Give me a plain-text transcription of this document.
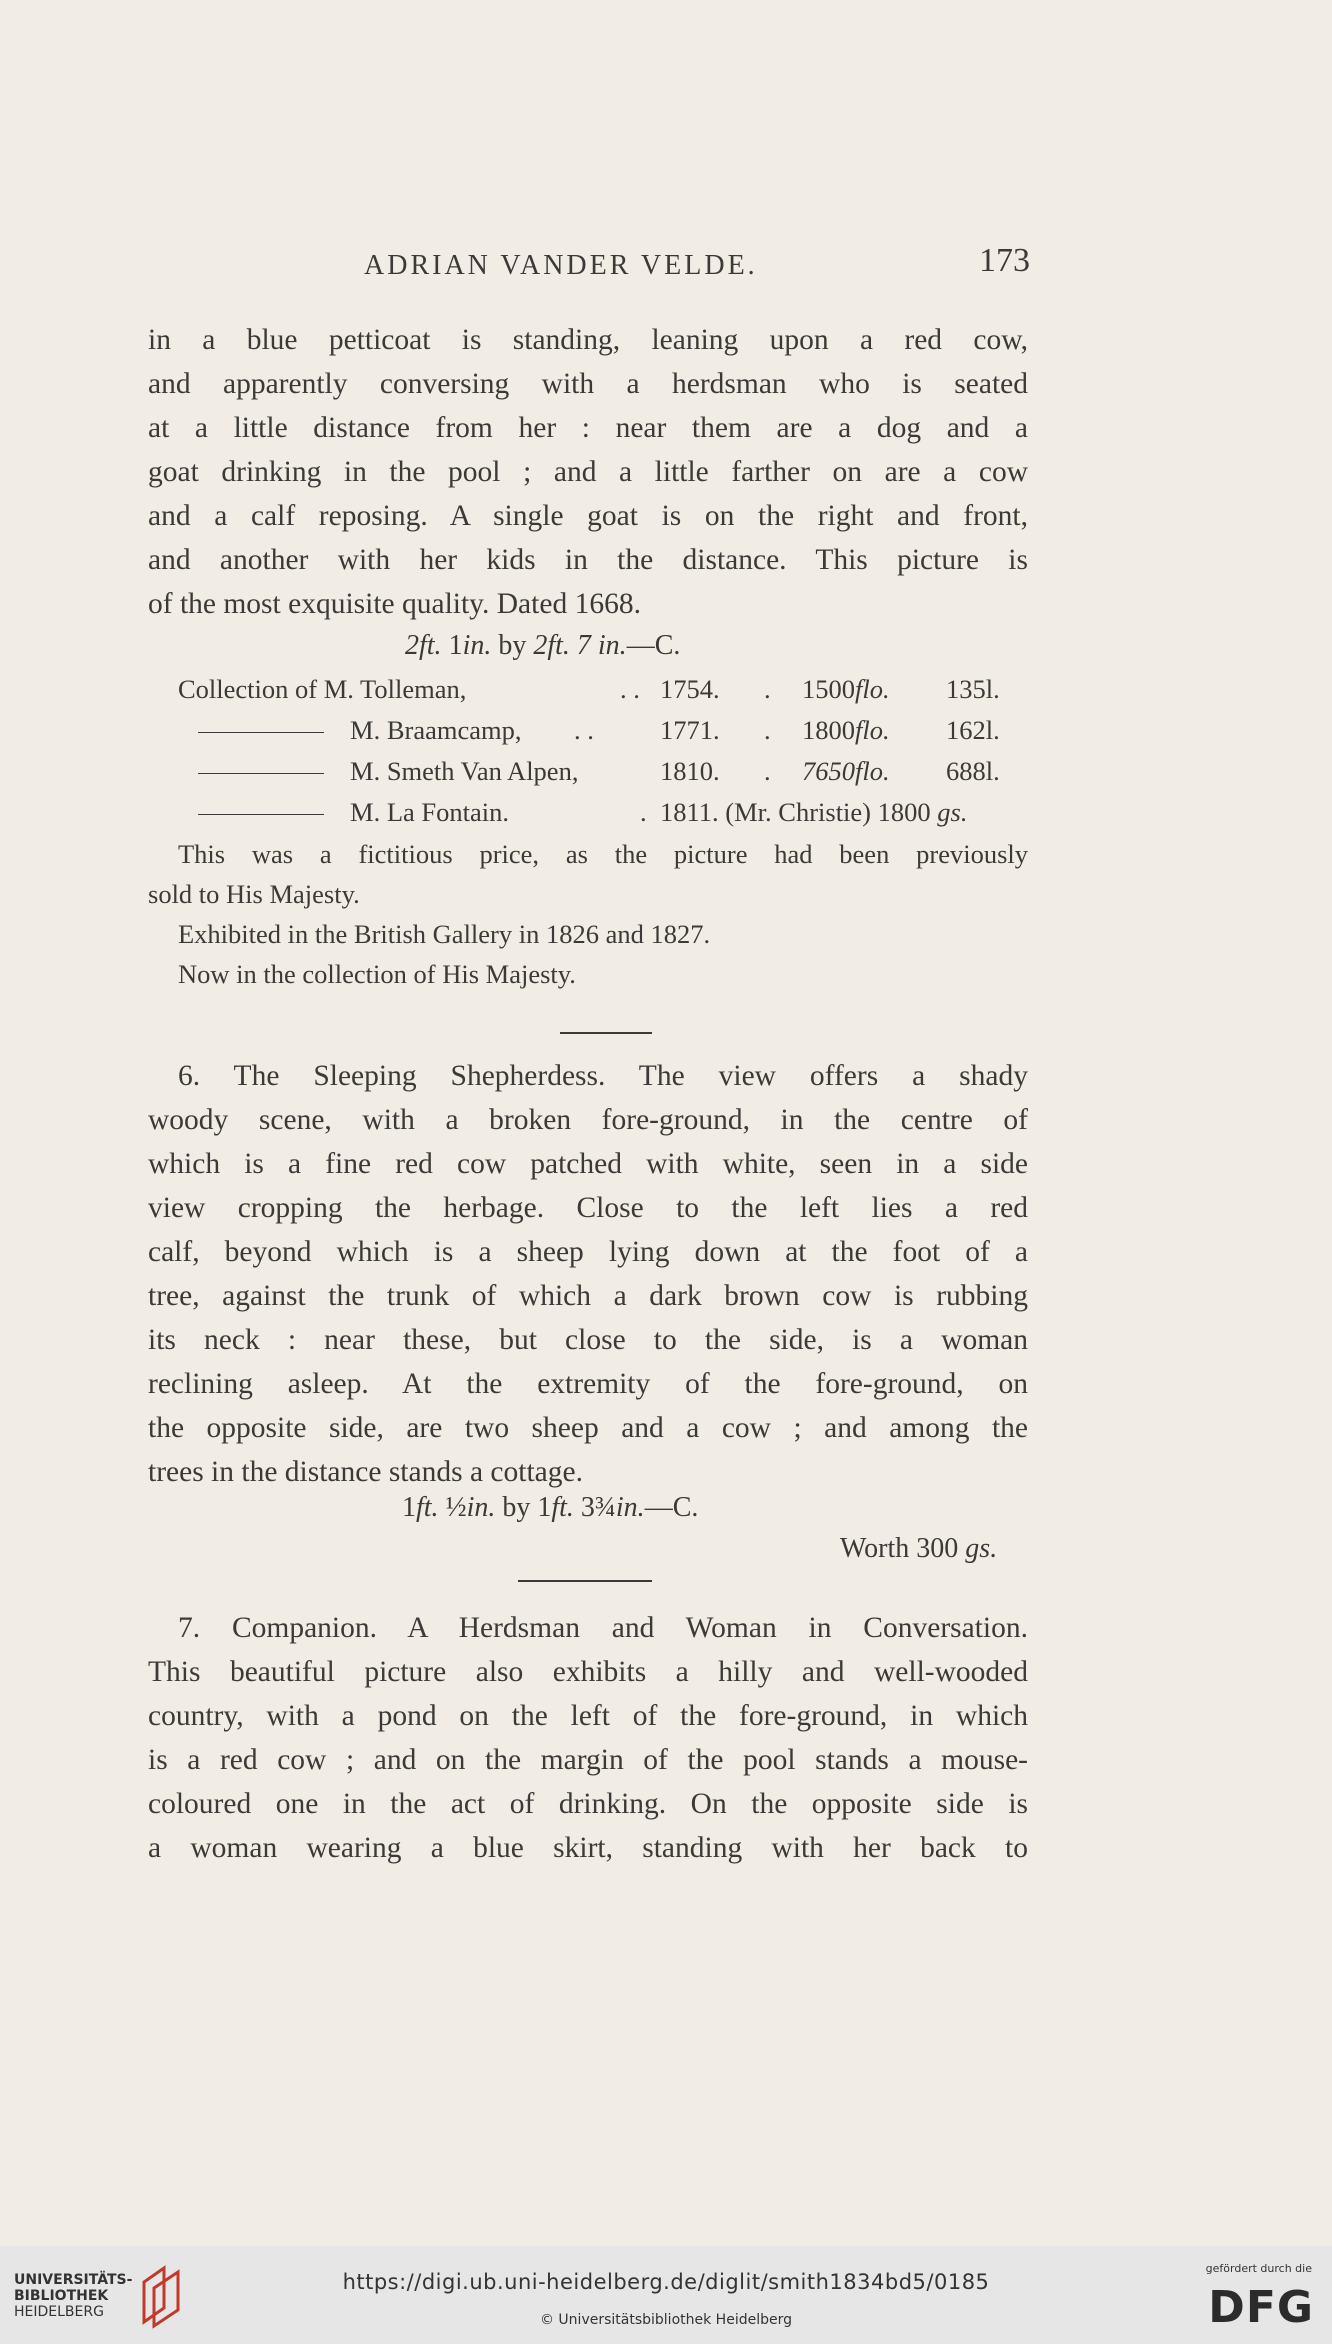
ADRIAN VANDER VELDE.	173
in a blue petticoat is standing, leaning upon a red cow,
and apparently conversing with a herdsman who is seated
at a little distance from her : near them are a dog and a
goat drinking in the pool ; and a little farther on are a cow
and a calf reposing. A single goat is on the right and front,
and another with her kids in the distance. This picture is
of the most exquisite quality. Dated 1668.
2ft. 1in. by 2ft. 7 in.—C.
Collection of M. Tolleman,	. . 1754. . 1500flo. 135l.
M. Braamcamp, . . 1771. . 1800flo. 162l.
M. Smeth Van Alpen,	1810. . 7650flo. 688l.
M. La Fontain.	. 1811. (Mr. Christie) 1800 gs.
This was a fictitious price, as the picture had been previously
sold to His Majesty.
Exhibited in the British Gallery in 1826 and 1827.
Now in the collection of His Majesty.
6. The Sleeping Shepherdess. The view offers a shady
woody scene, with a broken fore-ground, in the centre of
which is a fine red cow patched with white, seen in a side
view cropping the herbage. Close to the left lies a red
calf, beyond which is a sheep lying down at the foot of a
tree, against the trunk of which a dark brown cow is rubbing
its neck : near these, but close to the side, is a woman
reclining asleep. At the extremity of the fore-ground, on
the opposite side, are two sheep and a cow ; and among the
trees in the distance stands a cottage.
1ft. ½in. by 1ft. 3¾in.—C.
Worth 300 gs.
7. Companion. A Herdsman and Woman in Conversation.
This beautiful picture also exhibits a hilly and well-wooded
country, with a pond on the left of the fore-ground, in which
is a red cow ; and on the margin of the pool stands a mouse-
coloured one in the act of drinking. On the opposite side is
a woman wearing a blue skirt, standing with her back to
UNIVERSITÄTS-
BIBLIOTHEK
HEIDELBERG
https://digi.ub.uni-heidelberg.de/diglit/smith1834bd5/0185
© Universitätsbibliothek Heidelberg
gefördert durch die
DFG
